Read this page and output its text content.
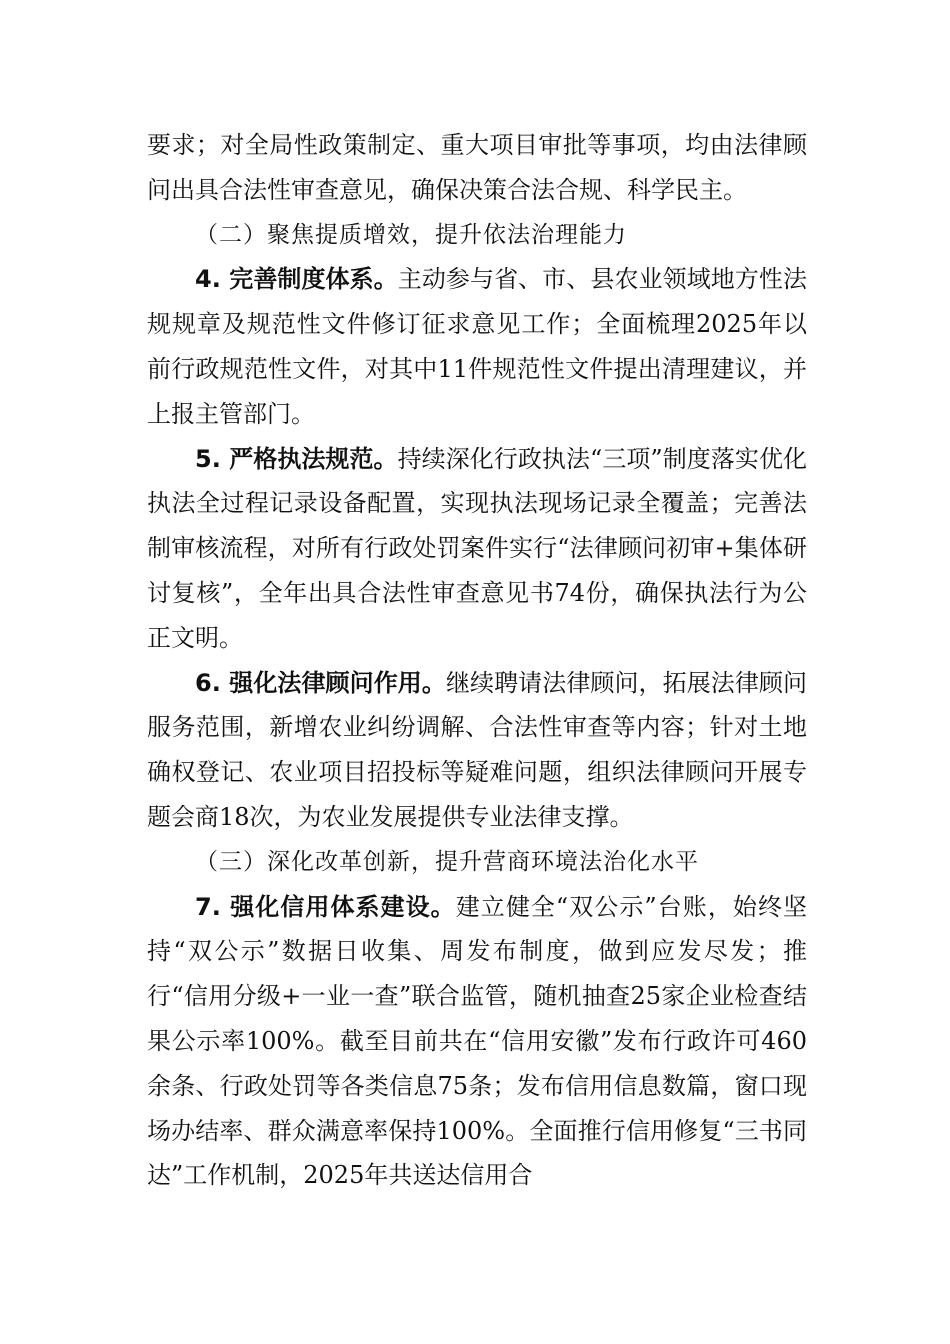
要求；对全局性政策制定、重大项目审批等事项，均由法律顾问出具合法性审查意见，确保决策合法合规、科学民主。

（二）聚焦提质增效，提升依法治理能力

4. 完善制度体系。主动参与省、市、县农业领域地方性法规规章及规范性文件修订征求意见工作；全面梳理2025年以前行政规范性文件，对其中11件规范性文件提出清理建议，并上报主管部门。

5. 严格执法规范。持续深化行政执法“三项”制度落实优化执法全过程记录设备配置，实现执法现场记录全覆盖；完善法制审核流程，对所有行政处罚案件实行“法律顾问初审+集体研讨复核”，全年出具合法性审查意见书74份，确保执法行为公正文明。

6. 强化法律顾问作用。继续聘请法律顾问，拓展法律顾问服务范围，新增农业纠纷调解、合法性审查等内容；针对土地确权登记、农业项目招投标等疑难问题，组织法律顾问开展专题会商18次，为农业发展提供专业法律支撑。

（三）深化改革创新，提升营商环境法治化水平

7. 强化信用体系建设。建立健全“双公示”台账，始终坚持“双公示”数据日收集、周发布制度，做到应发尽发；推行“信用分级+一业一查”联合监管，随机抽查25家企业检查结果公示率100%。截至目前共在“信用安徽”发布行政许可460余条、行政处罚等各类信息75条；发布信用信息数篇，窗口现场办结率、群众满意率保持100%。全面推行信用修复“三书同达”工作机制，2025年共送达信用合
